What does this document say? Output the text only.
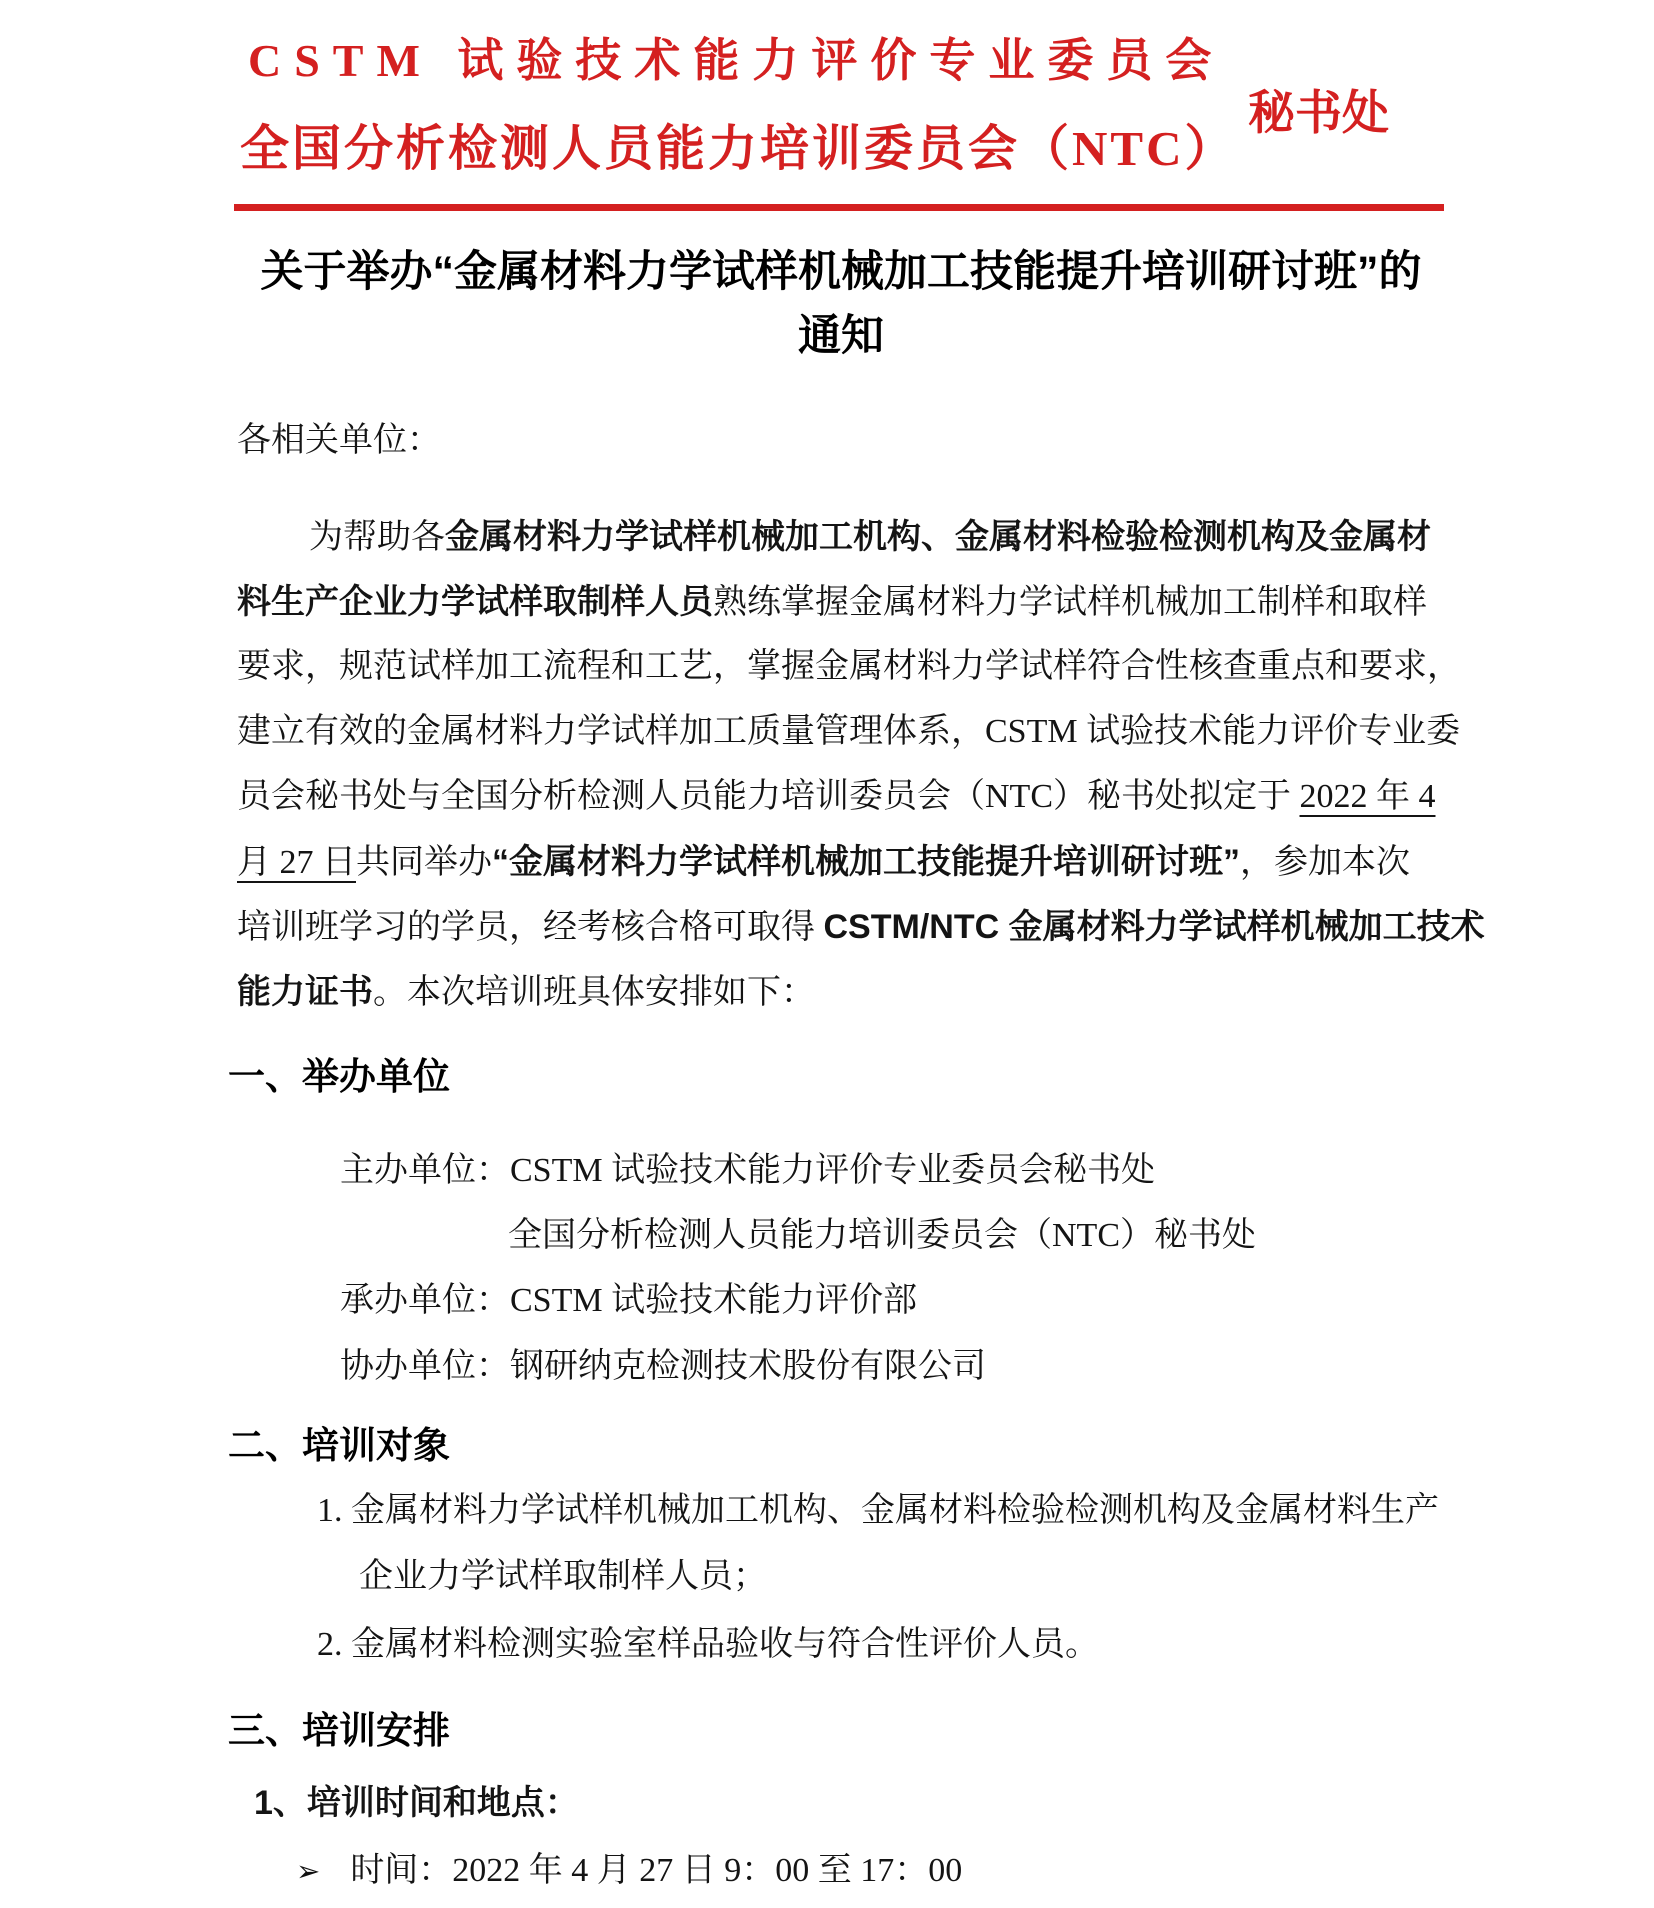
CSTM 试验技术能力评价专业委员会
全国分析检测人员能力培训委员会（NTC）
秘书处
关于举办“金属材料力学试样机械加工技能提升培训研讨班”的
通知
各相关单位：
为帮助各金属材料力学试样机械加工机构、金属材料检验检测机构及金属材
料生产企业力学试样取制样人员熟练掌握金属材料力学试样机械加工制样和取样
要求，规范试样加工流程和工艺，掌握金属材料力学试样符合性核查重点和要求，
建立有效的金属材料力学试样加工质量管理体系，CSTM 试验技术能力评价专业委
员会秘书处与全国分析检测人员能力培训委员会（NTC）秘书处拟定于 2022 年 4
月 27 日共同举办“金属材料力学试样机械加工技能提升培训研讨班”，参加本次
培训班学习的学员，经考核合格可取得 CSTM/NTC 金属材料力学试样机械加工技术
能力证书。本次培训班具体安排如下：
一、举办单位
主办单位：CSTM 试验技术能力评价专业委员会秘书处
全国分析检测人员能力培训委员会（NTC）秘书处
承办单位：CSTM 试验技术能力评价部
协办单位：钢研纳克检测技术股份有限公司
二、培训对象
1. 金属材料力学试样机械加工机构、金属材料检验检测机构及金属材料生产
企业力学试样取制样人员；
2. 金属材料检测实验室样品验收与符合性评价人员。
三、培训安排
1、培训时间和地点：
➢ 时间：2022 年 4 月 27 日 9：00 至 17：00
